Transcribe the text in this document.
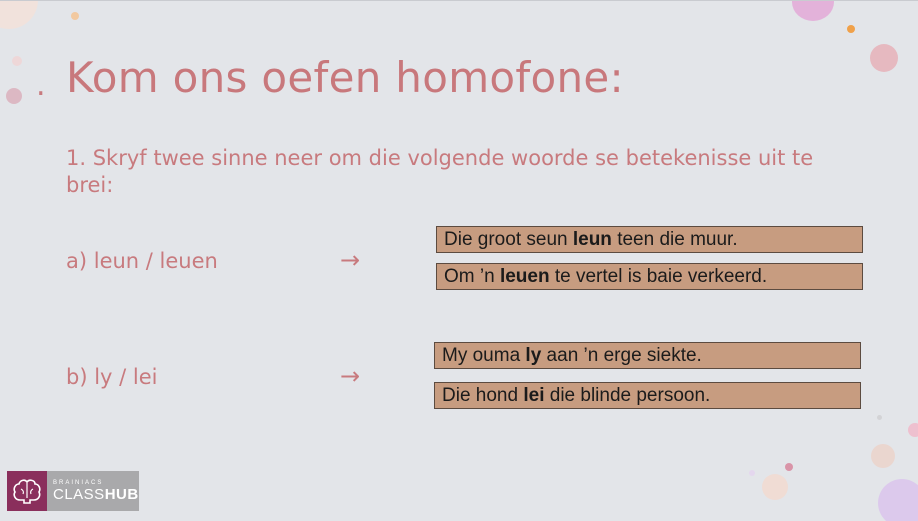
. Kom ons oefen homofone:

1. Skryf twee sinne neer om die volgende woorde se betekenisse uit te brei:

a) leun / leuen	→
Die groot seun leun teen die muur.
Om ’n leuen te vertel is baie verkeerd.
b) ly / lei	→
My ouma ly aan ’n erge siekte.
Die hond lei die blinde persoon.
BRAINIACS
CLASSHUB
